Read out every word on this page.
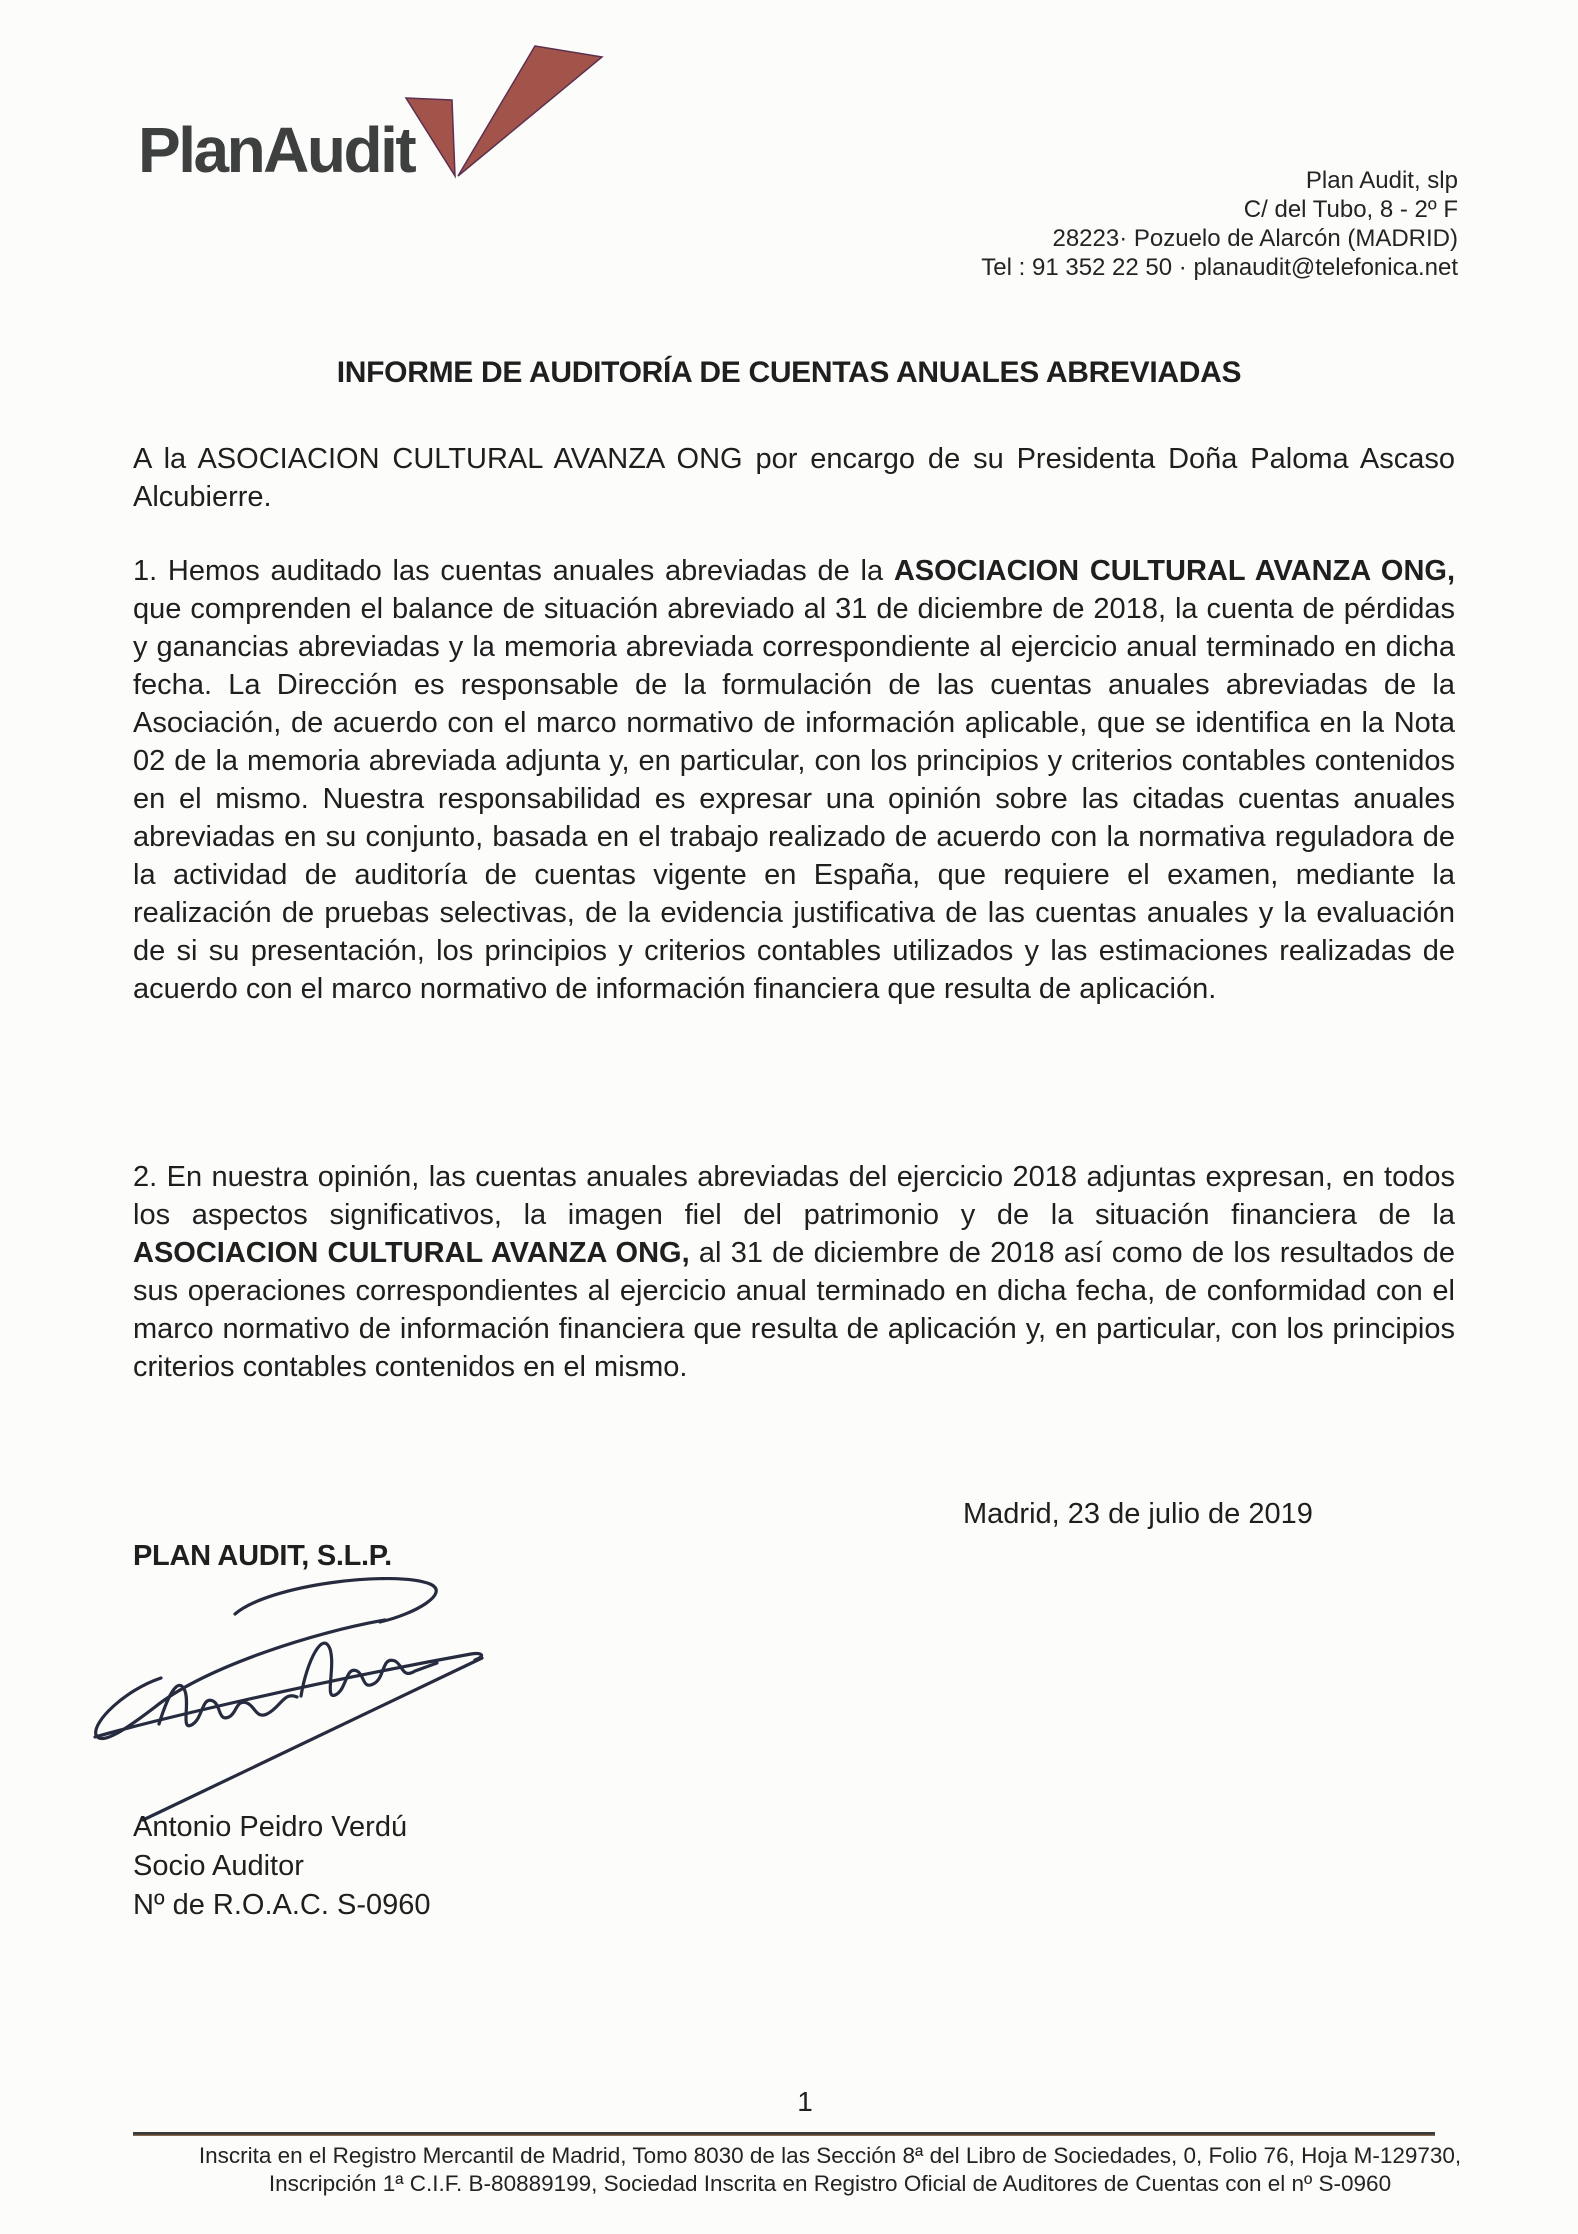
PlanAudit	Plan Audit, slp
C/ del Tubo, 8 - 2º F
28223· Pozuelo de Alarcón (MADRID)
Tel : 91 352 22 50 · planaudit@telefonica.net
INFORME DE AUDITORÍA DE CUENTAS ANUALES ABREVIADAS
A la ASOCIACION CULTURAL AVANZA ONG por encargo de su Presidenta Doña Paloma Ascaso Alcubierre.
1. Hemos auditado las cuentas anuales abreviadas de la ASOCIACION CULTURAL AVANZA ONG, que comprenden el balance de situación abreviado al 31 de diciembre de 2018, la cuenta de pérdidas y ganancias abreviadas y la memoria abreviada correspondiente al ejercicio anual terminado en dicha fecha. La Dirección es responsable de la formulación de las cuentas anuales abreviadas de la Asociación, de acuerdo con el marco normativo de información aplicable, que se identifica en la Nota 02 de la memoria abreviada adjunta y, en particular, con los principios y criterios contables contenidos en el mismo. Nuestra responsabilidad es expresar una opinión sobre las citadas cuentas anuales abreviadas en su conjunto, basada en el trabajo realizado de acuerdo con la normativa reguladora de la actividad de auditoría de cuentas vigente en España, que requiere el examen, mediante la realización de pruebas selectivas, de la evidencia justificativa de las cuentas anuales y la evaluación de si su presentación, los principios y criterios contables utilizados y las estimaciones realizadas de acuerdo con el marco normativo de información financiera que resulta de aplicación.
2. En nuestra opinión, las cuentas anuales abreviadas del ejercicio 2018 adjuntas expresan, en todos los aspectos significativos, la imagen fiel del patrimonio y de la situación financiera de la ASOCIACION CULTURAL AVANZA ONG, al 31 de diciembre de 2018 así como de los resultados de sus operaciones correspondientes al ejercicio anual terminado en dicha fecha, de conformidad con el marco normativo de información financiera que resulta de aplicación y, en particular, con los principios criterios contables contenidos en el mismo.
Madrid, 23 de julio de 2019
PLAN AUDIT, S.L.P.
Antonio Peidro Verdú
Socio Auditor
Nº de R.O.A.C. S-0960
1
Inscrita en el Registro Mercantil de Madrid, Tomo 8030 de las Sección 8ª del Libro de Sociedades, 0, Folio 76, Hoja M-129730,
Inscripción 1ª C.I.F. B-80889199, Sociedad Inscrita en Registro Oficial de Auditores de Cuentas con el nº S-0960
